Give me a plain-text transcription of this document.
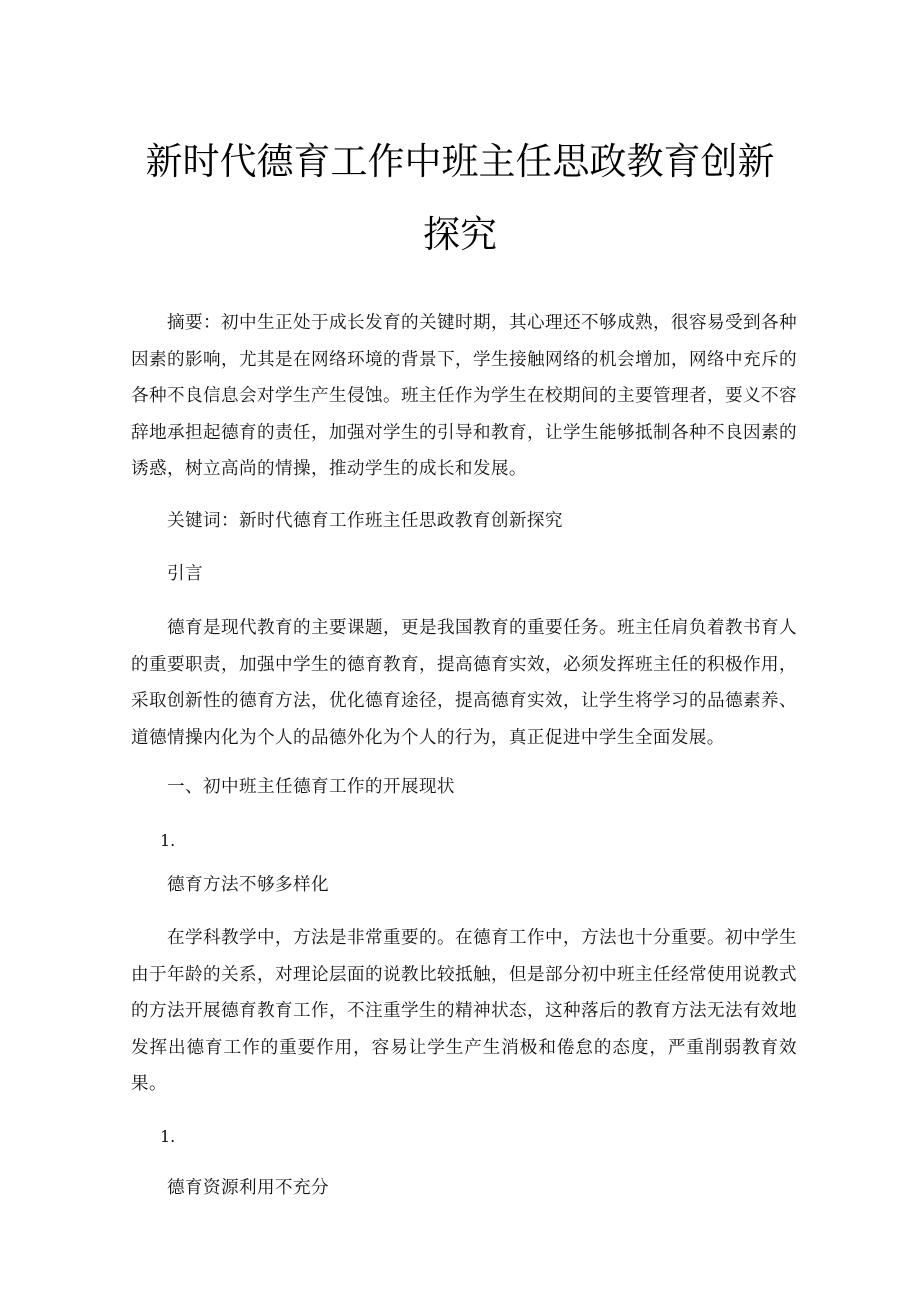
新时代德育工作中班主任思政教育创新
探究

摘要：初中生正处于成长发育的关键时期，其心理还不够成熟，很容易受到各种因素的影响，尤其是在网络环境的背景下，学生接触网络的机会增加，网络中充斥的各种不良信息会对学生产生侵蚀。班主任作为学生在校期间的主要管理者，要义不容辞地承担起德育的责任，加强对学生的引导和教育，让学生能够抵制各种不良因素的诱惑，树立高尚的情操，推动学生的成长和发展。

关键词：新时代德育工作班主任思政教育创新探究

引言

德育是现代教育的主要课题，更是我国教育的重要任务。班主任肩负着教书育人的重要职责，加强中学生的德育教育，提高德育实效，必须发挥班主任的积极作用，采取创新性的德育方法，优化德育途径，提高德育实效，让学生将学习的品德素养、道德情操内化为个人的品德外化为个人的行为，真正促进中学生全面发展。

一、初中班主任德育工作的开展现状

1.

德育方法不够多样化

在学科教学中，方法是非常重要的。在德育工作中，方法也十分重要。初中学生由于年龄的关系，对理论层面的说教比较抵触，但是部分初中班主任经常使用说教式的方法开展德育教育工作，不注重学生的精神状态，这种落后的教育方法无法有效地发挥出德育工作的重要作用，容易让学生产生消极和倦怠的态度，严重削弱教育效果。

1.

德育资源利用不充分
